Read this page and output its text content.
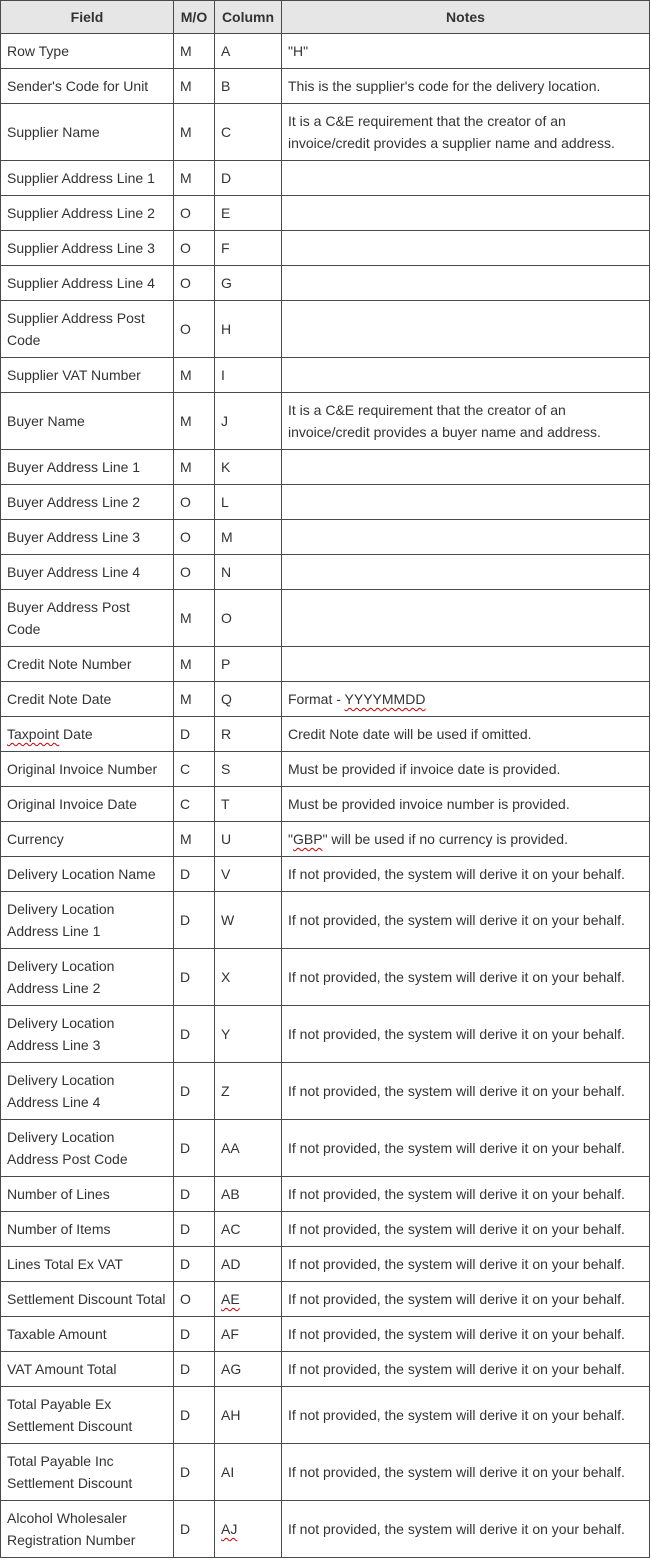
Field	M/O	Column	Notes
Row Type	M	A	"H"
Sender's Code for Unit	M	B	This is the supplier's code for the delivery location.
Supplier Name	M	C	It is a C&E requirement that the creator of an invoice/credit provides a supplier name and address.
Supplier Address Line 1	M	D	
Supplier Address Line 2	O	E	
Supplier Address Line 3	O	F	
Supplier Address Line 4	O	G	
Supplier Address Post Code	O	H	
Supplier VAT Number	M	I	
Buyer Name	M	J	It is a C&E requirement that the creator of an invoice/credit provides a buyer name and address.
Buyer Address Line 1	M	K	
Buyer Address Line 2	O	L	
Buyer Address Line 3	O	M	
Buyer Address Line 4	O	N	
Buyer Address Post Code	M	O	
Credit Note Number	M	P	
Credit Note Date	M	Q	Format - YYYYMMDD
Taxpoint Date	D	R	Credit Note date will be used if omitted.
Original Invoice Number	C	S	Must be provided if invoice date is provided.
Original Invoice Date	C	T	Must be provided invoice number is provided.
Currency	M	U	"GBP" will be used if no currency is provided.
Delivery Location Name	D	V	If not provided, the system will derive it on your behalf.
Delivery Location Address Line 1	D	W	If not provided, the system will derive it on your behalf.
Delivery Location Address Line 2	D	X	If not provided, the system will derive it on your behalf.
Delivery Location Address Line 3	D	Y	If not provided, the system will derive it on your behalf.
Delivery Location Address Line 4	D	Z	If not provided, the system will derive it on your behalf.
Delivery Location Address Post Code	D	AA	If not provided, the system will derive it on your behalf.
Number of Lines	D	AB	If not provided, the system will derive it on your behalf.
Number of Items	D	AC	If not provided, the system will derive it on your behalf.
Lines Total Ex VAT	D	AD	If not provided, the system will derive it on your behalf.
Settlement Discount Total	O	AE	If not provided, the system will derive it on your behalf.
Taxable Amount	D	AF	If not provided, the system will derive it on your behalf.
VAT Amount Total	D	AG	If not provided, the system will derive it on your behalf.
Total Payable Ex Settlement Discount	D	AH	If not provided, the system will derive it on your behalf.
Total Payable Inc Settlement Discount	D	AI	If not provided, the system will derive it on your behalf.
Alcohol Wholesaler Registration Number	D	AJ	If not provided, the system will derive it on your behalf.
